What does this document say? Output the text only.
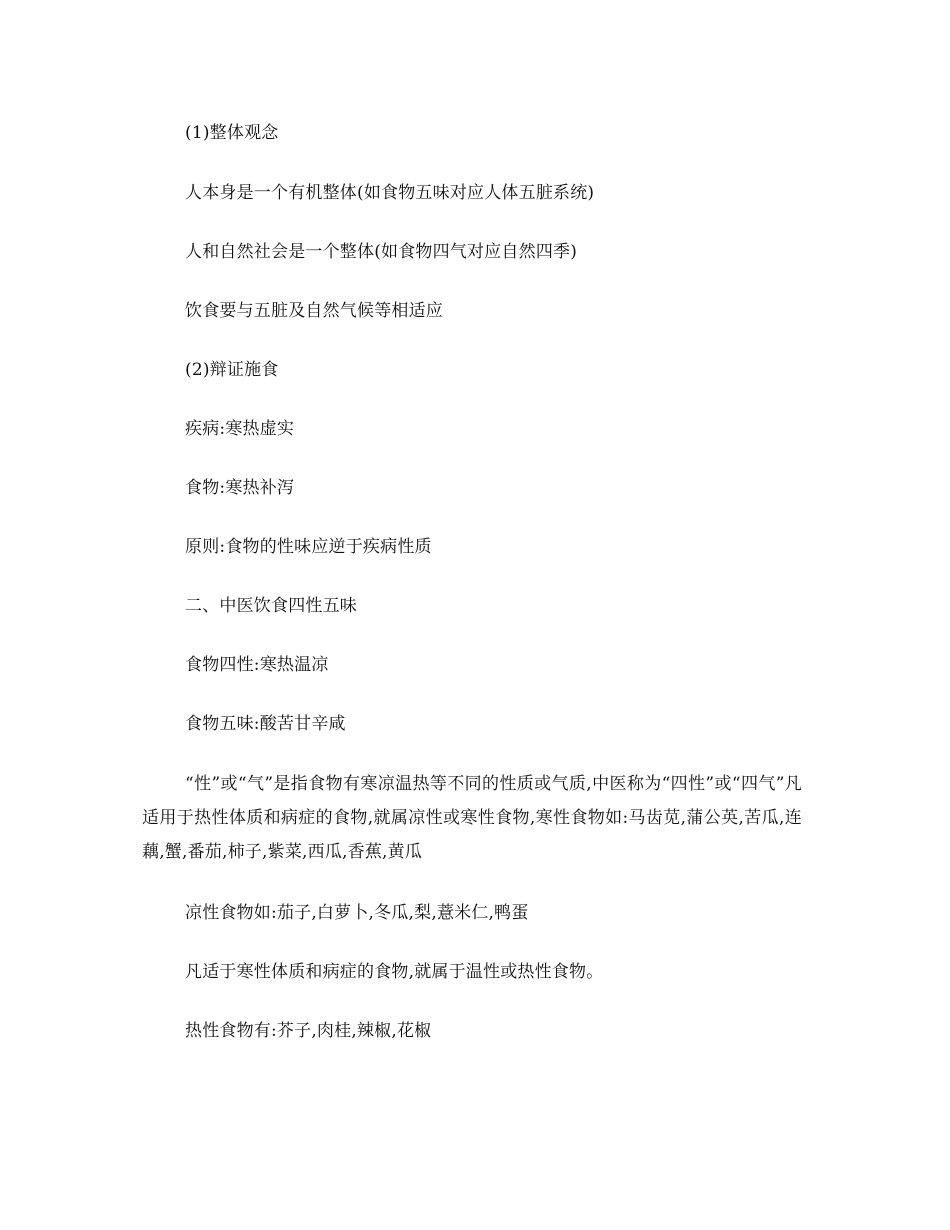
(1)整体观念
人本身是一个有机整体(如食物五味对应人体五脏系统)
人和自然社会是一个整体(如食物四气对应自然四季)
饮食要与五脏及自然气候等相适应
(2)辩证施食
疾病:寒热虚实
食物:寒热补泻
原则:食物的性味应逆于疾病性质
二、中医饮食四性五味
食物四性:寒热温凉
食物五味:酸苦甘辛咸
“性”或“气”是指食物有寒凉温热等不同的性质或气质,中医称为“四性”或“四气”凡适用于热性体质和病症的食物,就属凉性或寒性食物,寒性食物如:马齿苋,蒲公英,苦瓜,连藕,蟹,番茄,柿子,紫菜,西瓜,香蕉,黄瓜
凉性食物如:茄子,白萝卜,冬瓜,梨,薏米仁,鸭蛋
凡适于寒性体质和病症的食物,就属于温性或热性食物。
热性食物有:芥子,肉桂,辣椒,花椒
